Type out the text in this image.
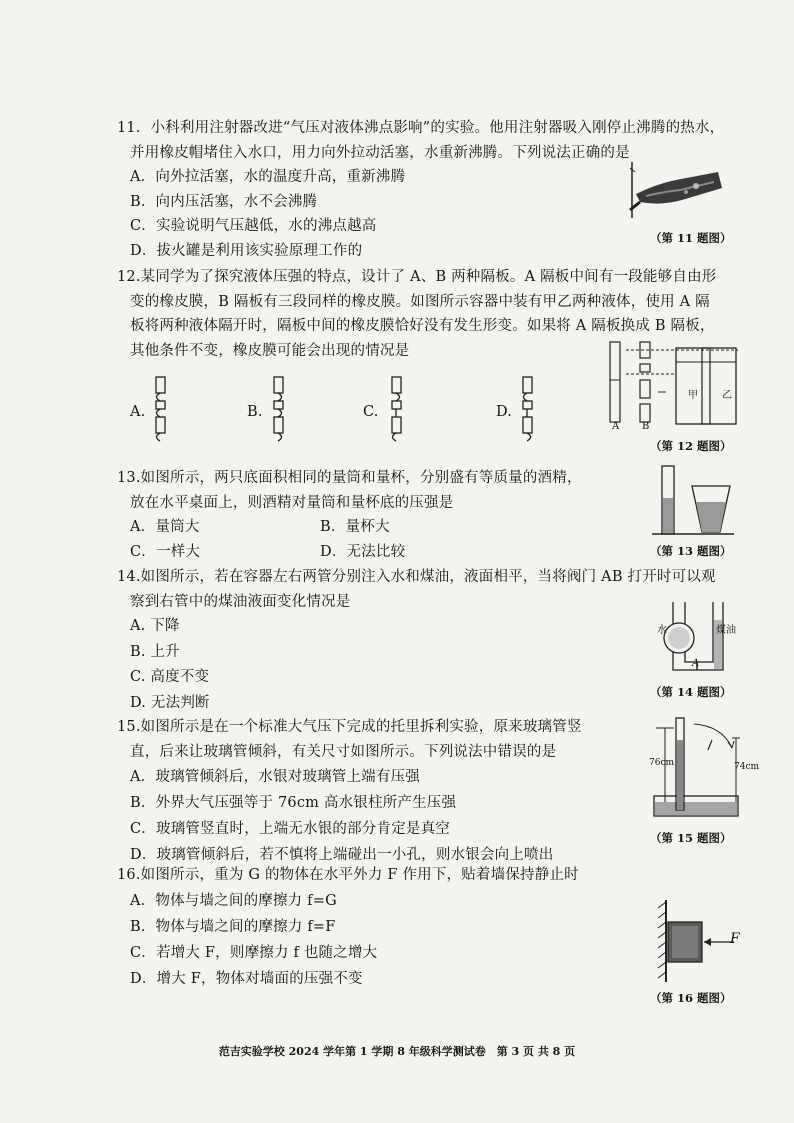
11．小科利用注射器改进“气压对液体沸点影响”的实验。他用注射器吸入刚停止沸腾的热水，
并用橡皮帽堵住入水口，用力向外拉动活塞，水重新沸腾。下列说法正确的是
A．向外拉活塞，水的温度升高，重新沸腾
B．向内压活塞，水不会沸腾
C．实验说明气压越低，水的沸点越高
D．拔火罐是利用该实验原理工作的
（第 11 题图）
12.某同学为了探究液体压强的特点，设计了 A、B 两种隔板。A 隔板中间有一段能够自由形
变的橡皮膜，B 隔板有三段同样的橡皮膜。如图所示容器中装有甲乙两种液体，使用 A 隔
板将两种液体隔开时，隔板中间的橡皮膜恰好没有发生形变。如果将 A 隔板换成 B 隔板，
其他条件不变，橡皮膜可能会出现的情况是
A.	B.	C.	D.
A B
甲 乙
（第 12 题图）
13.如图所示，两只底面积相同的量筒和量杯，分别盛有等质量的酒精，
放在水平桌面上，则酒精对量筒和量杯底的压强是
A．量筒大	B．量杯大
C．一样大	D．无法比较	（第 13 题图）
14.如图所示，若在容器左右两管分别注入水和煤油，液面相平，当将阀门 AB 打开时可以观
察到右管中的煤油液面变化情况是
A. 下降
B. 上升
C. 高度不变
D. 无法判断
水	煤油
A
（第 14 题图）
15.如图所示是在一个标准大气压下完成的托里拆利实验，原来玻璃管竖
直，后来让玻璃管倾斜，有关尺寸如图所示。下列说法中错误的是
A．玻璃管倾斜后，水银对玻璃管上端有压强
B．外界大气压强等于 76cm 高水银柱所产生压强
C．玻璃管竖直时，上端无水银的部分肯定是真空
D．玻璃管倾斜后，若不慎将上端碰出一小孔，则水银会向上喷出
76cm	74cm
（第 15 题图）
16.如图所示，重为 G 的物体在水平外力 F 作用下，贴着墙保持静止时
A．物体与墙之间的摩擦力 f=G
B．物体与墙之间的摩擦力 f=F
C．若增大 F，则摩擦力 f 也随之增大
D．增大 F，物体对墙面的压强不变
F
（第 16 题图）
范吉实验学校 2024 学年第 1 学期 8 年级科学测试卷　第 3 页 共 8 页
